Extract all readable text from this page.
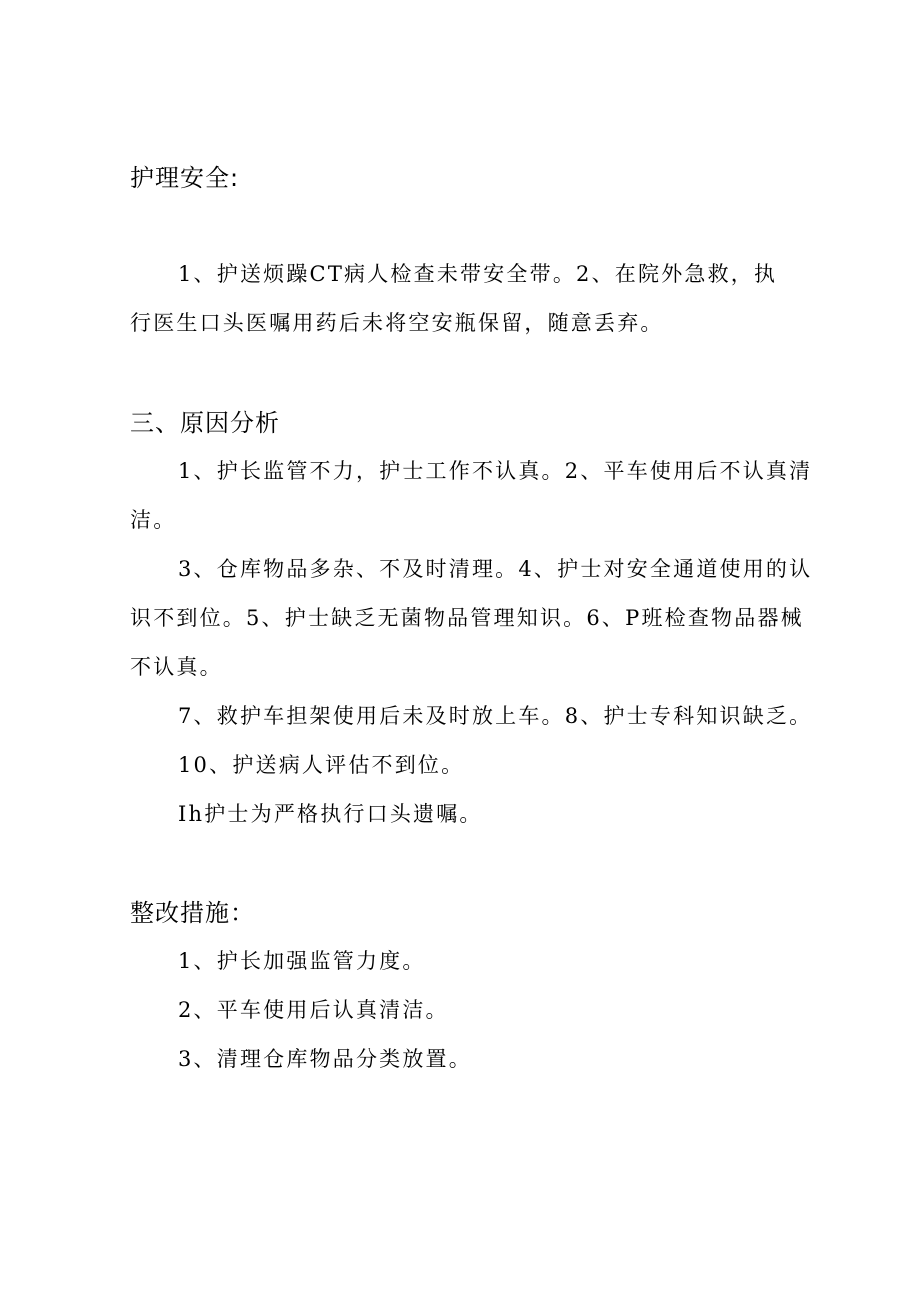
护理安全:

1、护送烦躁CT病人检查未带安全带。2、在院外急救，执

行医生口头医嘱用药后未将空安瓶保留，随意丢弃。

三、原因分析

1、护长监管不力，护士工作不认真。2、平车使用后不认真清

洁。

3、仓库物品多杂、不及时清理。4、护士对安全通道使用的认

识不到位。5、护士缺乏无菌物品管理知识。6、P班检查物品器械

不认真。

7、救护车担架使用后未及时放上车。8、护士专科知识缺乏。

10、护送病人评估不到位。

Ih护士为严格执行口头遗嘱。

整改措施：

1、护长加强监管力度。

2、平车使用后认真清洁。

3、清理仓库物品分类放置。
